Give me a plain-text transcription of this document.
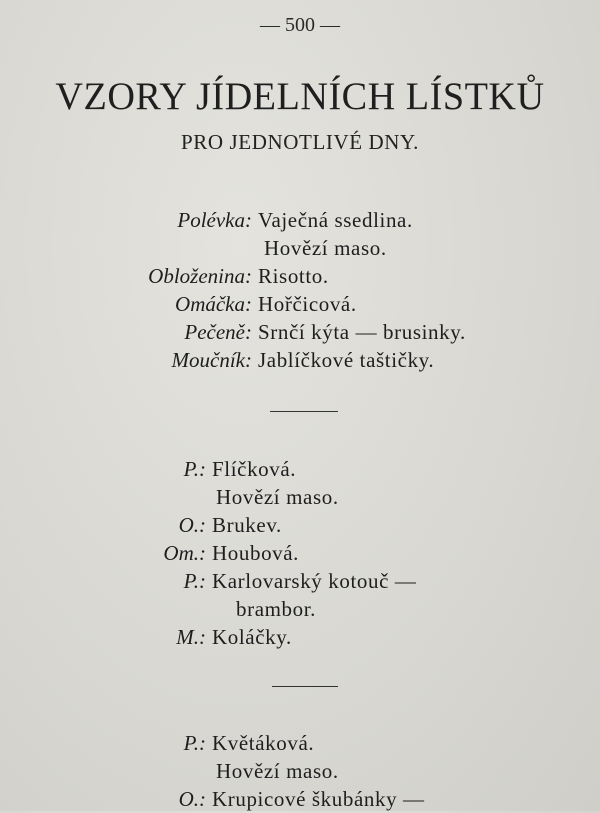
— 500 —
VZORY JÍDELNÍCH LÍSTKŮ
PRO JEDNOTLIVÉ DNY.
Polévka: Vaječná ssedlina.
Hovězí maso.
Obloženina: Risotto.
Omáčka: Hořčicová.
Pečeně: Srnčí kýta — brusinky.
Moučník: Jablíčkové taštičky.
P.: Flíčková.
Hovězí maso.
O.: Brukev.
Om.: Houbová.
P.: Karlovarský kotouč —
brambor.
M.: Koláčky.
P.: Květáková.
Hovězí maso.
O.: Krupicové škubánky —
